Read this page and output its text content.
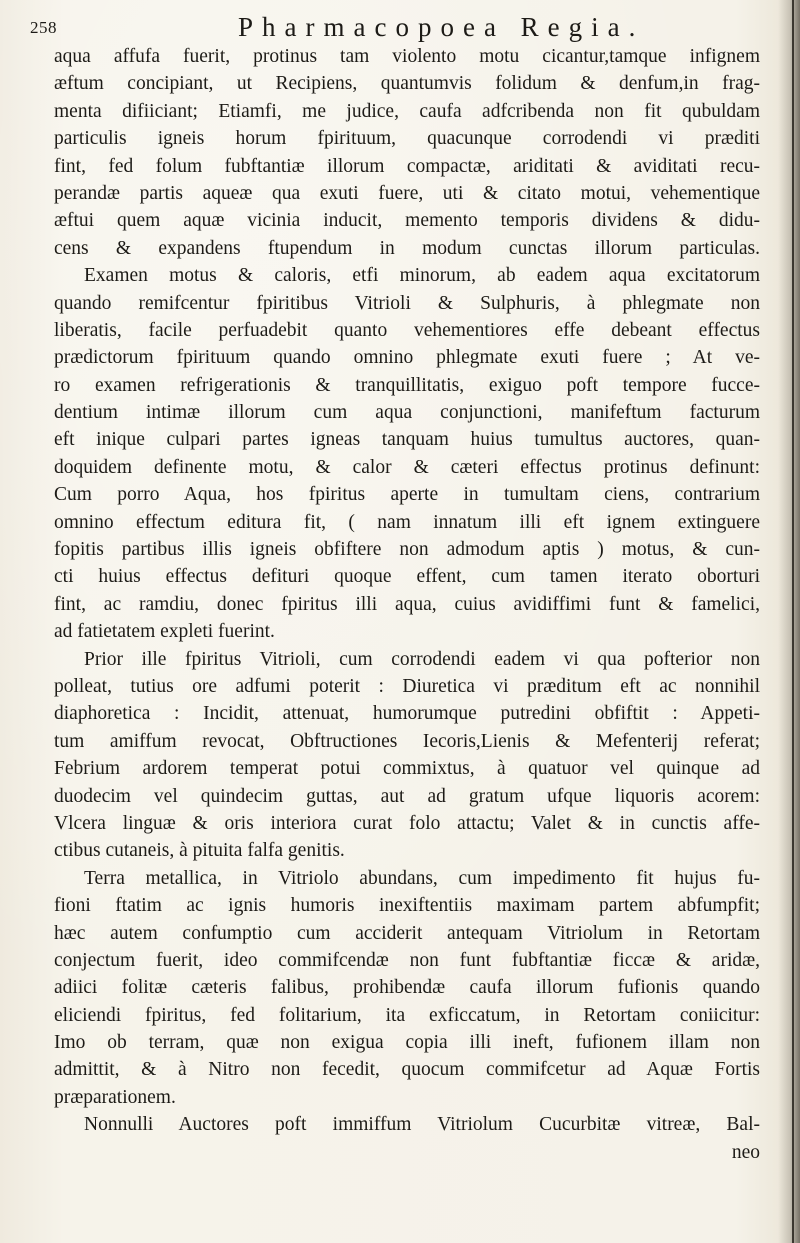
258	Pharmacopoea Regia.
aqua affufa fuerit, protinus tam violento motu cicantur,tamque infignem
æftum concipiant, ut Recipiens, quantumvis folidum & denfum,in frag-
menta difiiciant; Etiamfi, me judice, caufa adfcribenda non fit qubuldam
particulis igneis horum fpirituum, quacunque corrodendi vi præditi
fint, fed folum fubftantiæ illorum compactæ, ariditati & aviditati recu-
perandæ partis aqueæ qua exuti fuere, uti & citato motui, vehementique
æftui quem aquæ vicinia inducit, memento temporis dividens & didu-
cens & expandens ftupendum in modum cunctas illorum particulas.
Examen motus & caloris, etfi minorum, ab eadem aqua excitatorum
quando remifcentur fpiritibus Vitrioli & Sulphuris, à phlegmate non
liberatis, facile perfuadebit quanto vehementiores effe debeant effectus
prædictorum fpirituum quando omnino phlegmate exuti fuere ; At ve-
ro examen refrigerationis & tranquillitatis, exiguo poft tempore fucce-
dentium intimæ illorum cum aqua conjunctioni, manifeftum facturum
eft inique culpari partes igneas tanquam huius tumultus auctores, quan-
doquidem definente motu, & calor & cæteri effectus protinus definunt:
Cum porro Aqua, hos fpiritus aperte in tumultam ciens, contrarium
omnino effectum editura fit, ( nam innatum illi eft ignem extinguere
fopitis partibus illis igneis obfiftere non admodum aptis ) motus, & cun-
cti huius effectus defituri quoque effent, cum tamen iterato oborturi
fint, ac ramdiu, donec fpiritus illi aqua, cuius avidiffimi funt & famelici,
ad fatietatem expleti fuerint.
Prior ille fpiritus Vitrioli, cum corrodendi eadem vi qua pofterior non
polleat, tutius ore adfumi poterit : Diuretica vi præditum eft ac nonnihil
diaphoretica : Incidit, attenuat, humorumque putredini obfiftit : Appeti-
tum amiffum revocat, Obftructiones Iecoris,Lienis & Mefenterij referat;
Febrium ardorem temperat potui commixtus, à quatuor vel quinque ad
duodecim vel quindecim guttas, aut ad gratum ufque liquoris acorem:
Vlcera linguæ & oris interiora curat folo attactu; Valet & in cunctis affe-
ctibus cutaneis, à pituita falfa genitis.
Terra metallica, in Vitriolo abundans, cum impedimento fit hujus fu-
fioni ftatim ac ignis humoris inexiftentiis maximam partem abfumpfit;
hæc autem confumptio cum acciderit antequam Vitriolum in Retortam
conjectum fuerit, ideo commifcendæ non funt fubftantiæ ficcæ & aridæ,
adiici folitæ cæteris falibus, prohibendæ caufa illorum fufionis quando
eliciendi fpiritus, fed folitarium, ita exficcatum, in Retortam coniicitur:
Imo ob terram, quæ non exigua copia illi ineft, fufionem illam non
admittit, & à Nitro non fecedit, quocum commifcetur ad Aquæ Fortis
præparationem.
Nonnulli Auctores poft immiffum Vitriolum Cucurbitæ vitreæ, Bal-
neo
